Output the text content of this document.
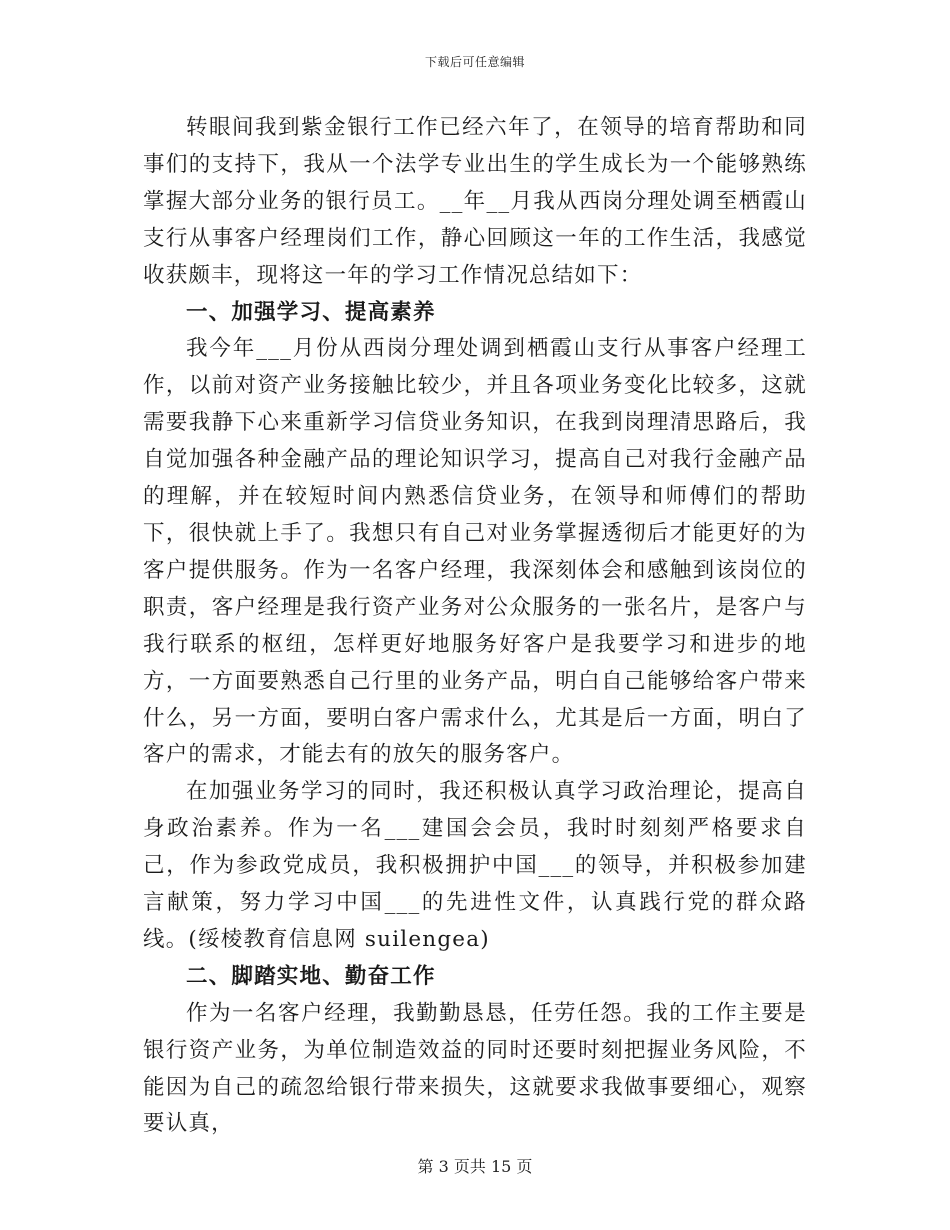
下载后可任意编辑

转眼间我到紫金银行工作已经六年了，在领导的培育帮助和同事们的支持下，我从一个法学专业出生的学生成长为一个能够熟练掌握大部分业务的银行员工。__年__月我从西岗分理处调至栖霞山支行从事客户经理岗们工作，静心回顾这一年的工作生活，我感觉收获颇丰，现将这一年的学习工作情况总结如下：

一、加强学习、提高素养

我今年___月份从西岗分理处调到栖霞山支行从事客户经理工作，以前对资产业务接触比较少，并且各项业务变化比较多，这就需要我静下心来重新学习信贷业务知识，在我到岗理清思路后，我自觉加强各种金融产品的理论知识学习，提高自己对我行金融产品的理解，并在较短时间内熟悉信贷业务，在领导和师傅们的帮助下，很快就上手了。我想只有自己对业务掌握透彻后才能更好的为客户提供服务。作为一名客户经理，我深刻体会和感触到该岗位的职责，客户经理是我行资产业务对公众服务的一张名片，是客户与我行联系的枢纽，怎样更好地服务好客户是我要学习和进步的地方，一方面要熟悉自己行里的业务产品，明白自己能够给客户带来什么，另一方面，要明白客户需求什么，尤其是后一方面，明白了客户的需求，才能去有的放矢的服务客户。

在加强业务学习的同时，我还积极认真学习政治理论，提高自身政治素养。作为一名___建国会会员，我时时刻刻严格要求自己，作为参政党成员，我积极拥护中国___的领导，并积极参加建言献策，努力学习中国___的先进性文件，认真践行党的群众路线。(绥棱教育信息网 suilengea)

二、脚踏实地、勤奋工作

作为一名客户经理，我勤勤恳恳，任劳任怨。我的工作主要是银行资产业务，为单位制造效益的同时还要时刻把握业务风险，不能因为自己的疏忽给银行带来损失，这就要求我做事要细心，观察要认真，

第 3 页共 15 页
